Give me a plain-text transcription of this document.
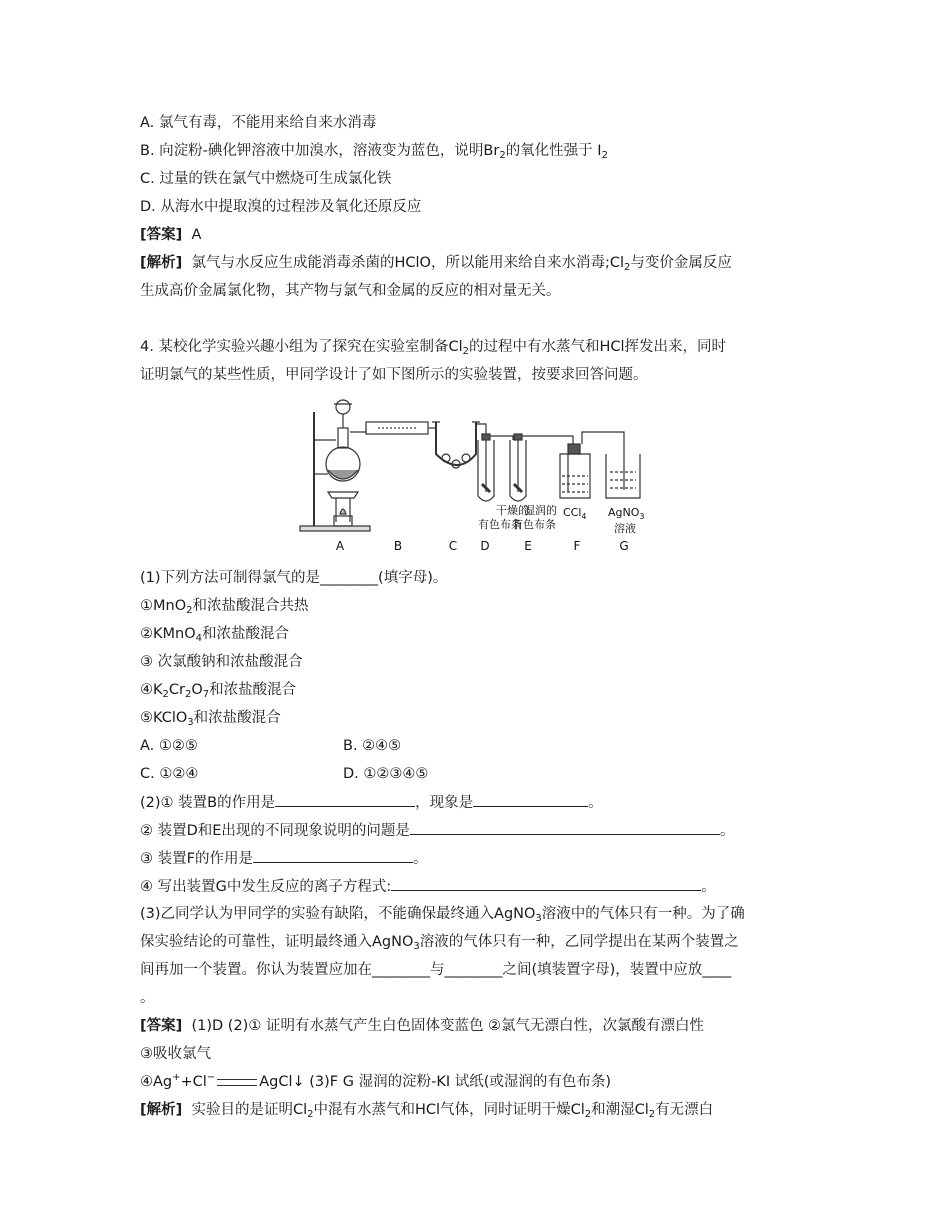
A. 氯气有毒，不能用来给自来水消毒
B. 向淀粉-碘化钾溶液中加溴水，溶液变为蓝色，说明$Br_2$的氧化性强于 $I_2$
C. 过量的铁在氯气中燃烧可生成氯化铁
D. 从海水中提取溴的过程涉及氧化还原反应
[答案] A
[解析] 氯气与水反应生成能消毒杀菌的HClO，所以能用来给自来水消毒$;Cl_2$与变价金属反应
生成高价金属氯化物，其产物与氯气和金属的反应的相对量无关。
4. 某校化学实验兴趣小组为了探究在实验室制备$Cl_2$的过程中有水蒸气和HCl挥发出来，同时
证明氯气的某些性质，甲同学设计了如下图所示的实验装置，按要求回答问题。
干燥的
有色布条
湿润的
有色布条
CCl$_4$ AgNO$_3$
溶液
A	B	C D	E	F	G
(1)下列方法可制得氯气的是________(填字母)。
①MnO$_2$和浓盐酸混合共热
②KMnO$_4$和浓盐酸混合
③ 次氯酸钠和浓盐酸混合
$④K_2Cr_2O_7$和浓盐酸混合
⑤KClO$_3$和浓盐酸混合
A. ①②⑤	B. ②④⑤
C. ①②④	D. ①②③④⑤
(2)① 装置B的作用是	，现象是	。
② 装置D和E出现的不同现象说明的问题是	。
③ 装置F的作用是	。
④ 写出装置G中发生反应的离子方程式:	。
(3)乙同学认为甲同学的实验有缺陷，不能确保最终通入AgNO$_3$溶液中的气体只有一种。为了确
保实验结论的可靠性，证明最终通入AgNO$_3$溶液的气体只有一种，乙同学提出在某两个装置之
间再加一个装置。你认为装置应加在________与________之间(填装置字母)，装置中应放____
。
[答案] (1)D (2)① 证明有水蒸气产生白色固体变蓝色 ②氯气无漂白性，次氯酸有漂白性
③吸收氯气
④Ag++Cl−	AgCl↓ (3)F G 湿润的淀粉-KI 试纸(或湿润的有色布条)
[解析] 实验目的是证明$Cl_2$中混有水蒸气和HCl气体，同时证明干燥$Cl_2$和潮湿$Cl_2$有无漂白
